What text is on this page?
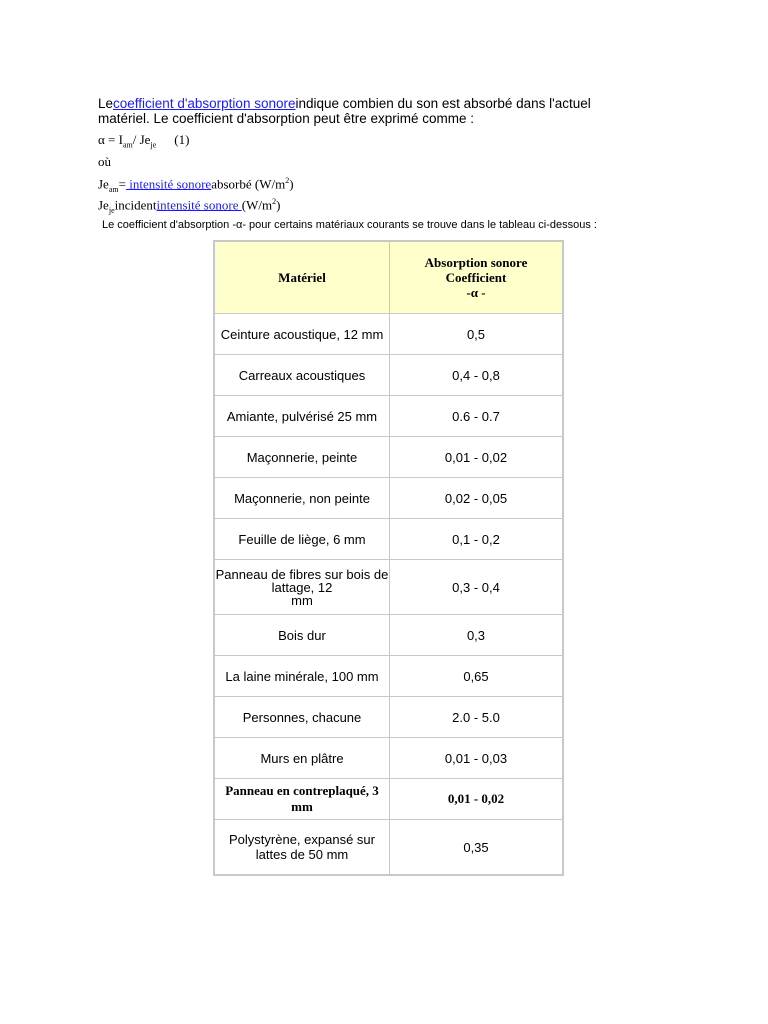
Lecoefficient d'absorption sonoreindique combien du son est absorbé dans l'actuel matériel. Le coefficient d'absorption peut être exprimé comme :
$\alpha = I_{am}/$ $Je_{je}$ (1)
où
$Je_{am}=$ intensité sonoreabsorbé $(W/m^2)$
$Je_{je}incidentintensité$ sonore $(W/m^2)$
Le coefficient d'absorption -α- pour certains matériaux courants se trouve dans le tableau ci-dessous :
Matériel	Absorption sonore
Coefficient
-α -
Ceinture acoustique, 12 mm	0,5
Carreaux acoustiques	0,4 - 0,8
Amiante, pulvérisé 25 mm	0.6 - 0.7
Maçonnerie, peinte	0,01 - 0,02
Maçonnerie, non peinte	0,02 - 0,05
Feuille de liège, 6 mm	0,1 - 0,2
Panneau de fibres sur bois de lattage, 12
mm	0,3 - 0,4
Bois dur	0,3
La laine minérale, 100 mm	0,65
Personnes, chacune	2.0 - 5.0
Murs en plâtre	0,01 - 0,03
Panneau en contreplaqué, 3 mm	0,01 - 0,02
Polystyrène, expansé sur
lattes de 50 mm	0,35
